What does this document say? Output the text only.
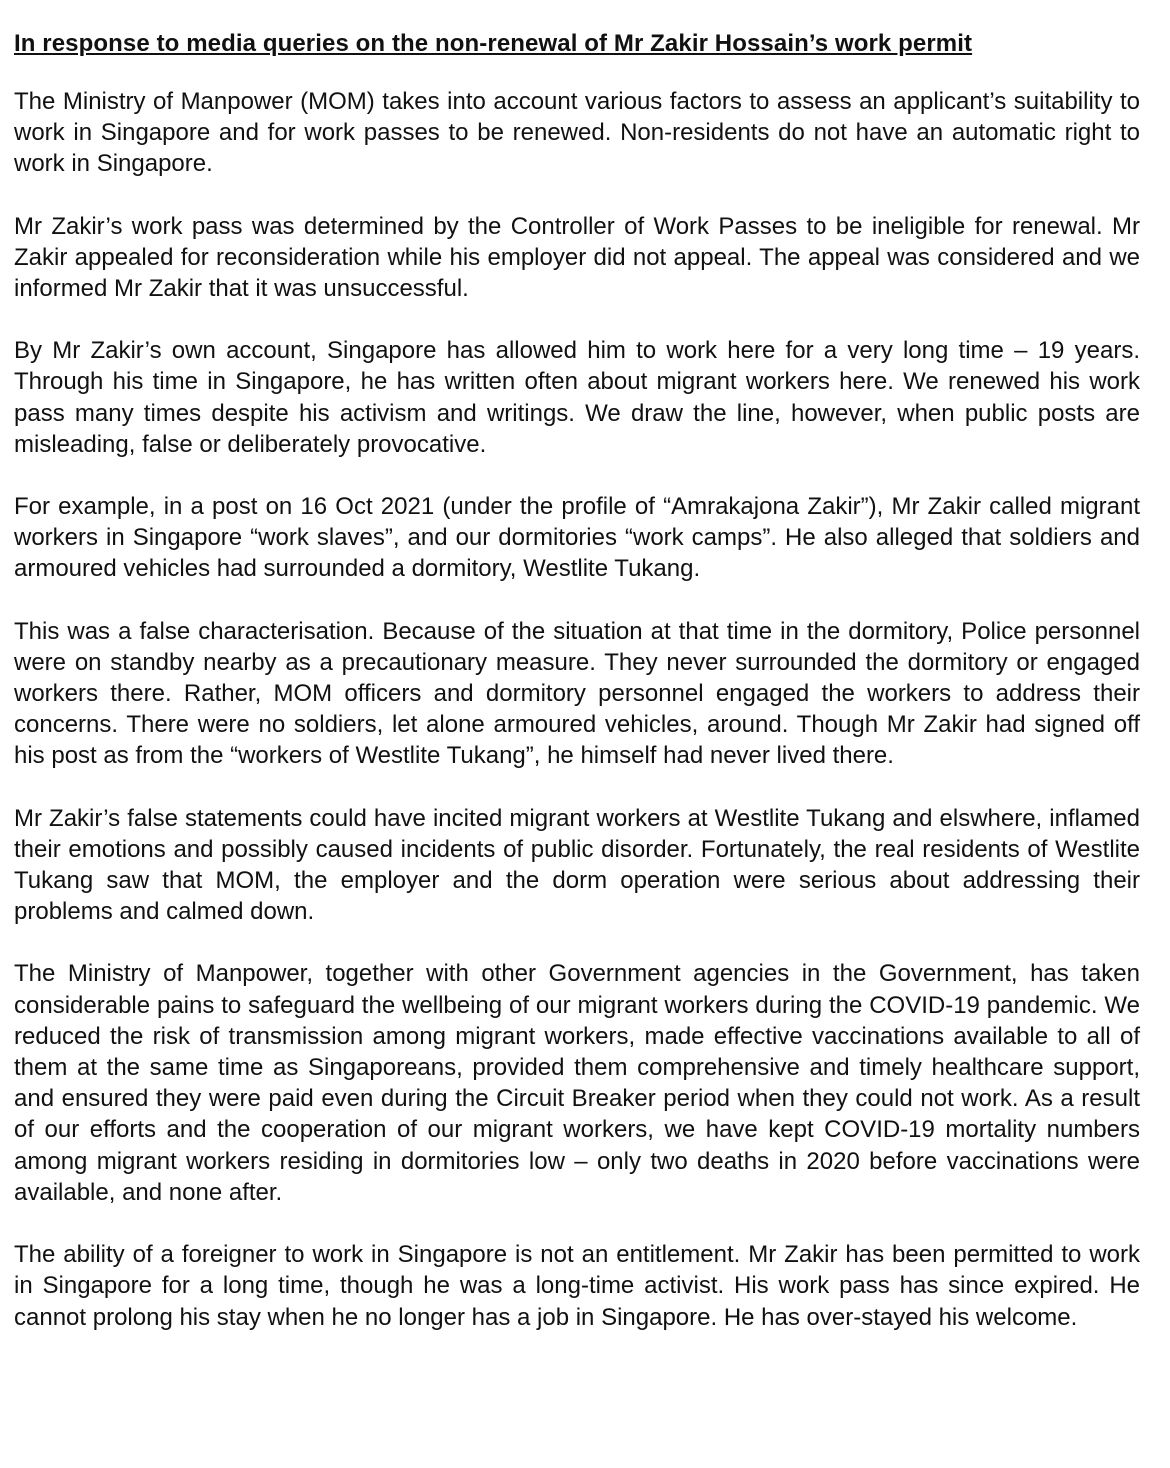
In response to media queries on the non-renewal of Mr Zakir Hossain’s work permit

The Ministry of Manpower (MOM) takes into account various factors to assess an applicant’s suitability to work in Singapore and for work passes to be renewed. Non-residents do not have an automatic right to work in Singapore.

Mr Zakir’s work pass was determined by the Controller of Work Passes to be ineligible for renewal. Mr Zakir appealed for reconsideration while his employer did not appeal. The appeal was considered and we informed Mr Zakir that it was unsuccessful.

By Mr Zakir’s own account, Singapore has allowed him to work here for a very long time – 19 years. Through his time in Singapore, he has written often about migrant workers here. We renewed his work pass many times despite his activism and writings. We draw the line, however, when public posts are misleading, false or deliberately provocative.

For example, in a post on 16 Oct 2021 (under the profile of “Amrakajona Zakir”), Mr Zakir called migrant workers in Singapore “work slaves”, and our dormitories “work camps”. He also alleged that soldiers and armoured vehicles had surrounded a dormitory, Westlite Tukang.

This was a false characterisation. Because of the situation at that time in the dormitory, Police personnel were on standby nearby as a precautionary measure. They never surrounded the dormitory or engaged workers there. Rather, MOM officers and dormitory personnel engaged the workers to address their concerns. There were no soldiers, let alone armoured vehicles, around. Though Mr Zakir had signed off his post as from the “workers of Westlite Tukang”, he himself had never lived there.

Mr Zakir’s false statements could have incited migrant workers at Westlite Tukang and elswhere, inflamed their emotions and possibly caused incidents of public disorder. Fortunately, the real residents of Westlite Tukang saw that MOM, the employer and the dorm operation were serious about addressing their problems and calmed down.

The Ministry of Manpower, together with other Government agencies in the Government, has taken considerable pains to safeguard the wellbeing of our migrant workers during the COVID-19 pandemic. We reduced the risk of transmission among migrant workers, made effective vaccinations available to all of them at the same time as Singaporeans, provided them comprehensive and timely healthcare support, and ensured they were paid even during the Circuit Breaker period when they could not work. As a result of our efforts and the cooperation of our migrant workers, we have kept COVID-19 mortality numbers among migrant workers residing in dormitories low – only two deaths in 2020 before vaccinations were available, and none after.

The ability of a foreigner to work in Singapore is not an entitlement. Mr Zakir has been permitted to work in Singapore for a long time, though he was a long-time activist. His work pass has since expired. He cannot prolong his stay when he no longer has a job in Singapore. He has over-stayed his welcome.
